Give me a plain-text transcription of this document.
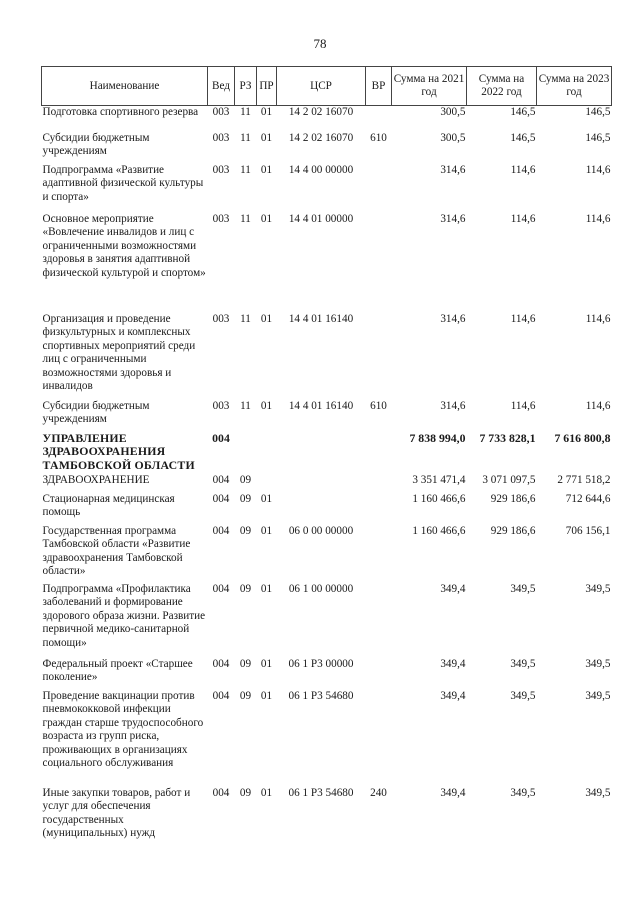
78
Наименование	Вед	РЗ	ПР	ЦСР	ВР	Сумма на 2021 год	Сумма на 2022 год	Сумма на 2023 год
Подготовка спортивного резерва	003	11	01	14 2 02 16070		300,5	146,5	146,5
Субсидии бюджетным учреждениям	003	11	01	14 2 02 16070	610	300,5	146,5	146,5
Подпрограмма «Развитие адаптивной физической культуры и спорта»	003	11	01	14 4 00 00000		314,6	114,6	114,6
Основное мероприятие «Вовлечение инвалидов и лиц с ограниченными возможностями здоровья в занятия адаптивной физической культурой и спортом»	003	11	01	14 4 01 00000		314,6	114,6	114,6
Организация и проведение физкультурных и комплексных спортивных мероприятий среди лиц с ограниченными возможностями здоровья и инвалидов	003	11	01	14 4 01 16140		314,6	114,6	114,6
Субсидии бюджетным учреждениям	003	11	01	14 4 01 16140	610	314,6	114,6	114,6
УПРАВЛЕНИЕ ЗДРАВООХРАНЕНИЯ ТАМБОВСКОЙ ОБЛАСТИ	004					7 838 994,0	7 733 828,1	7 616 800,8
ЗДРАВООХРАНЕНИЕ	004	09				3 351 471,4	3 071 097,5	2 771 518,2
Стационарная медицинская помощь	004	09	01			1 160 466,6	929 186,6	712 644,6
Государственная программа Тамбовской области «Развитие здравоохранения Тамбовской области»	004	09	01	06 0 00 00000		1 160 466,6	929 186,6	706 156,1
Подпрограмма «Профилактика заболеваний и формирование здорового образа жизни. Развитие первичной медико-санитарной помощи»	004	09	01	06 1 00 00000		349,4	349,5	349,5
Федеральный проект «Старшее поколение»	004	09	01	06 1 P3 00000		349,4	349,5	349,5
Проведение вакцинации против пневмококковой инфекции граждан старше трудоспособного возраста из групп риска, проживающих в организациях социального обслуживания	004	09	01	06 1 P3 54680		349,4	349,5	349,5
Иные закупки товаров, работ и услуг для обеспечения государственных (муниципальных) нужд	004	09	01	06 1 P3 54680	240	349,4	349,5	349,5
